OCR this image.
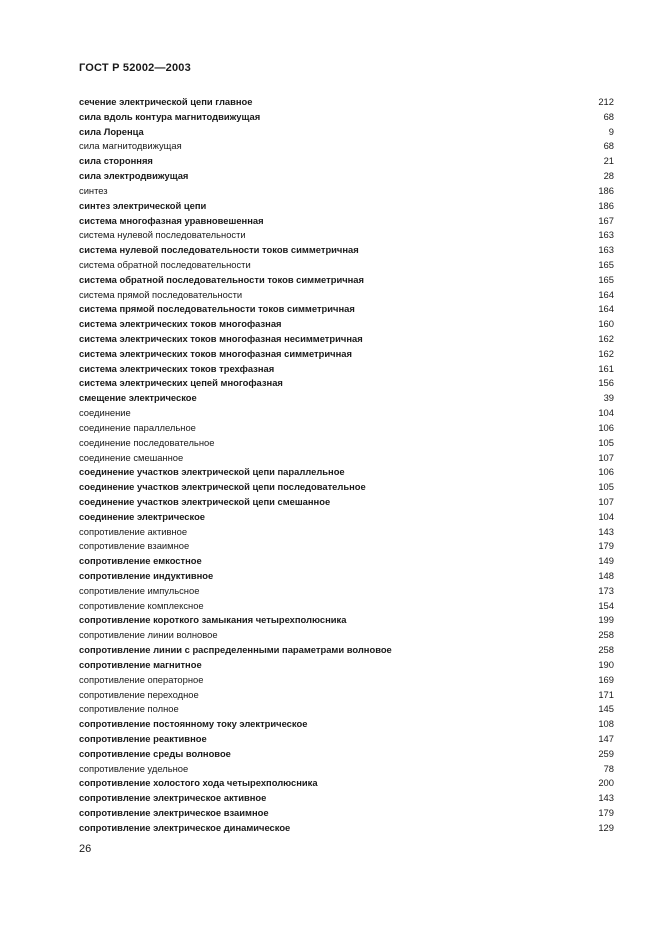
ГОСТ Р 52002—2003
сечение электрической цепи главное	212
сила вдоль контура магнитодвижущая	68
сила Лоренца	9
сила магнитодвижущая	68
сила сторонняя	21
сила электродвижущая	28
синтез	186
синтез электрической цепи	186
система многофазная уравновешенная	167
система нулевой последовательности	163
система нулевой последовательности токов симметричная	163
система обратной последовательности	165
система обратной последовательности токов симметричная	165
система прямой последовательности	164
система прямой последовательности токов симметричная	164
система электрических токов многофазная	160
система электрических токов многофазная несимметричная	162
система электрических токов многофазная симметричная	162
система электрических токов трехфазная	161
система электрических цепей многофазная	156
смещение электрическое	39
соединение	104
соединение параллельное	106
соединение последовательное	105
соединение смешанное	107
соединение участков электрической цепи параллельное	106
соединение участков электрической цепи последовательное	105
соединение участков электрической цепи смешанное	107
соединение электрическое	104
сопротивление активное	143
сопротивление взаимное	179
сопротивление емкостное	149
сопротивление индуктивное	148
сопротивление импульсное	173
сопротивление комплексное	154
сопротивление короткого замыкания четырехполюсника	199
сопротивление линии волновое	258
сопротивление линии с распределенными параметрами волновое	258
сопротивление магнитное	190
сопротивление операторное	169
сопротивление переходное	171
сопротивление полное	145
сопротивление постоянному току электрическое	108
сопротивление реактивное	147
сопротивление среды волновое	259
сопротивление удельное	78
сопротивление холостого хода четырехполюсника	200
сопротивление электрическое активное	143
сопротивление электрическое взаимное	179
сопротивление электрическое динамическое	129
26
